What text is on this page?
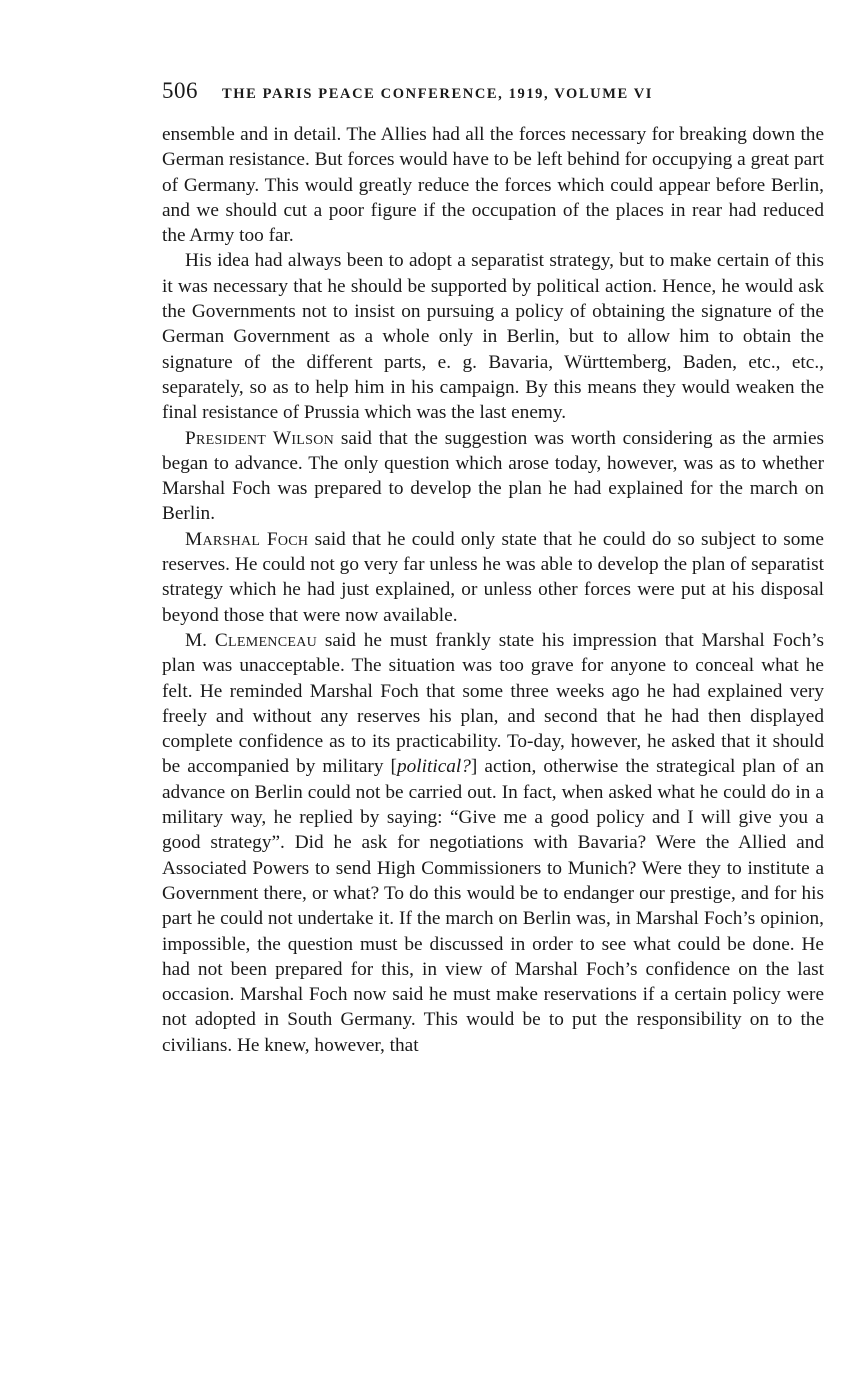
506 THE PARIS PEACE CONFERENCE, 1919, VOLUME VI

ensemble and in detail. The Allies had all the forces necessary for breaking down the German resistance. But forces would have to be left behind for occupying a great part of Germany. This would greatly reduce the forces which could appear before Berlin, and we should cut a poor figure if the occupation of the places in rear had reduced the Army too far.

His idea had always been to adopt a separatist strategy, but to make certain of this it was necessary that he should be supported by political action. Hence, he would ask the Governments not to insist on pursuing a policy of obtaining the signature of the German Government as a whole only in Berlin, but to allow him to obtain the signature of the different parts, e. g. Bavaria, Württemberg, Baden, etc., etc., separately, so as to help him in his campaign. By this means they would weaken the final resistance of Prussia which was the last enemy.

President Wilson said that the suggestion was worth considering as the armies began to advance. The only question which arose today, however, was as to whether Marshal Foch was prepared to develop the plan he had explained for the march on Berlin.

Marshal Foch said that he could only state that he could do so subject to some reserves. He could not go very far unless he was able to develop the plan of separatist strategy which he had just explained, or unless other forces were put at his disposal beyond those that were now available.

M. Clemenceau said he must frankly state his impression that Marshal Foch’s plan was unacceptable. The situation was too grave for anyone to conceal what he felt. He reminded Marshal Foch that some three weeks ago he had explained very freely and without any reserves his plan, and second that he had then displayed complete confidence as to its practicability. To-day, however, he asked that it should be accompanied by military [political?] action, otherwise the strategical plan of an advance on Berlin could not be carried out. In fact, when asked what he could do in a military way, he replied by saying: “Give me a good policy and I will give you a good strategy”. Did he ask for negotiations with Bavaria? Were the Allied and Associated Powers to send High Commissioners to Munich? Were they to institute a Government there, or what? To do this would be to endanger our prestige, and for his part he could not undertake it. If the march on Berlin was, in Marshal Foch’s opinion, impossible, the question must be discussed in order to see what could be done. He had not been prepared for this, in view of Marshal Foch’s confidence on the last occasion. Marshal Foch now said he must make reservations if a certain policy were not adopted in South Germany. This would be to put the responsibility on to the civilians. He knew, however, that
